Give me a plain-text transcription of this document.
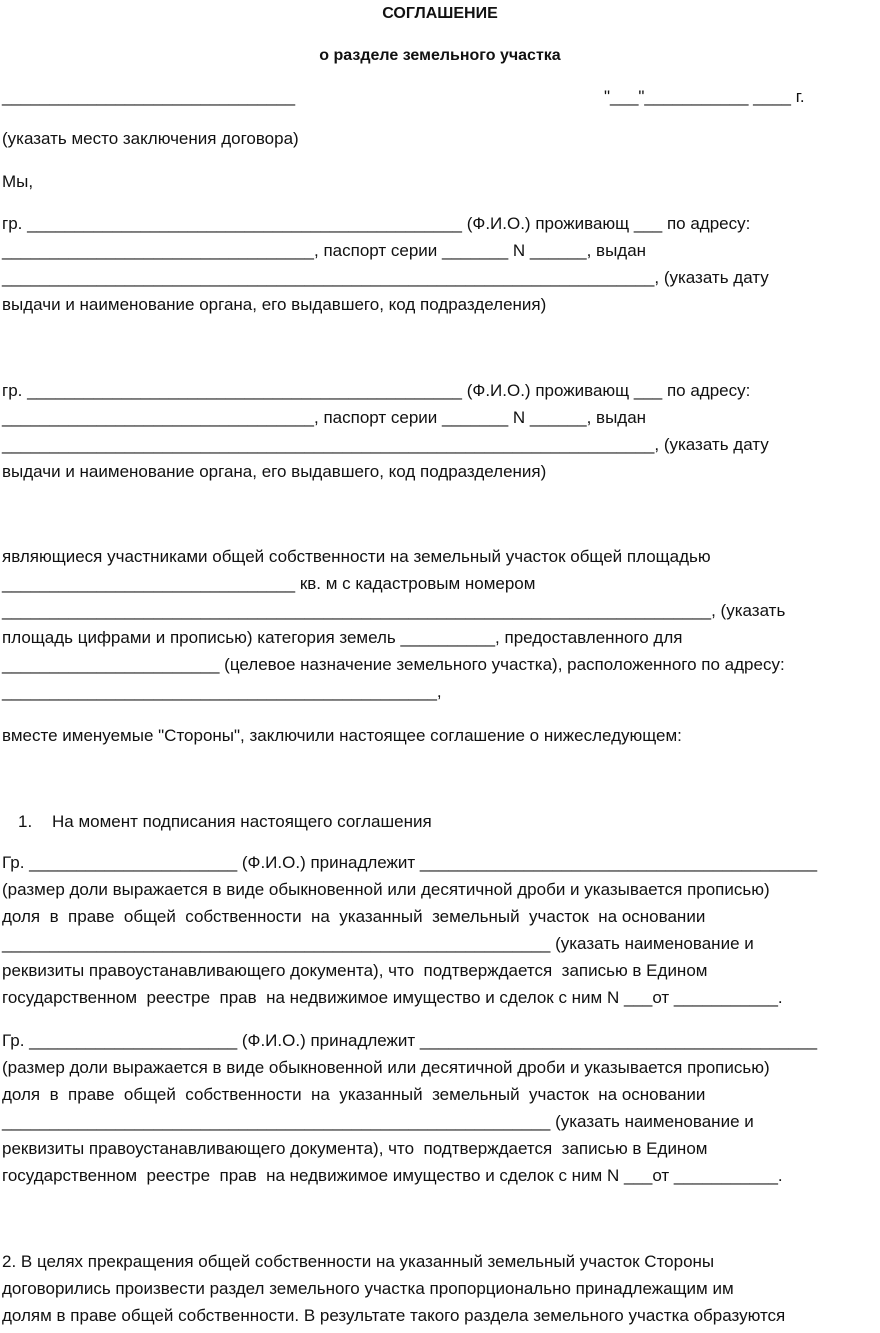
СОГЛАШЕНИЕ
о разделе земельного участка
_______________________________	"___"___________ ____ г.
(указать место заключения договора)
Мы,
гр. ______________________________________________ (Ф.И.О.) проживающ ___ по адресу:
_________________________________, паспорт серии _______ N ______, выдан
_____________________________________________________________________, (указать дату
выдачи и наименование органа, его выдавшего, код подразделения)
гр. ______________________________________________ (Ф.И.О.) проживающ ___ по адресу:
_________________________________, паспорт серии _______ N ______, выдан
_____________________________________________________________________, (указать дату
выдачи и наименование органа, его выдавшего, код подразделения)
являющиеся участниками общей собственности на земельный участок общей площадью
_______________________________ кв. м с кадастровым номером
___________________________________________________________________________, (указать
площадь цифрами и прописью) категория земель __________, предоставленного для
_______________________ (целевое назначение земельного участка), расположенного по адресу:
______________________________________________,
вместе именуемые "Стороны", заключили настоящее соглашение о нижеследующем:
1. На момент подписания настоящего соглашения
Гр. ______________________ (Ф.И.О.) принадлежит __________________________________________
(размер доли выражается в виде обыкновенной или десятичной дроби и указывается прописью)
доля  в  праве  общей  собственности  на  указанный  земельный  участок  на основании
__________________________________________________________ (указать наименование и
реквизиты правоустанавливающего документа), что  подтверждается  записью в Едином
государственном  реестре  прав  на недвижимое имущество и сделок с ним N ___от ___________.
Гр. ______________________ (Ф.И.О.) принадлежит __________________________________________
(размер доли выражается в виде обыкновенной или десятичной дроби и указывается прописью)
доля  в  праве  общей  собственности  на  указанный  земельный  участок  на основании
__________________________________________________________ (указать наименование и
реквизиты правоустанавливающего документа), что  подтверждается  записью в Едином
государственном  реестре  прав  на недвижимое имущество и сделок с ним N ___от ___________.
2. В целях прекращения общей собственности на указанный земельный участок Стороны
договорились произвести раздел земельного участка пропорционально принадлежащим им
долям в праве общей собственности. В результате такого раздела земельного участка образуются
